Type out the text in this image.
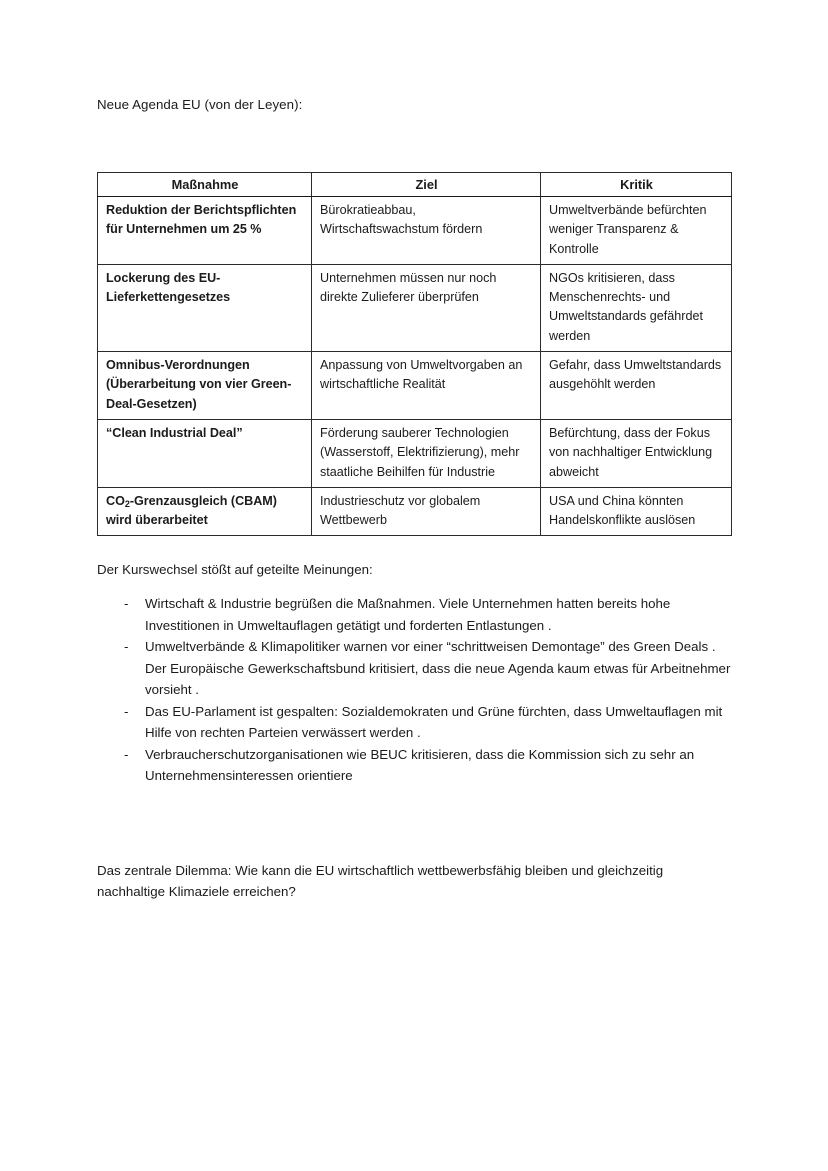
Neue Agenda EU (von der Leyen):

Maßnahme	Ziel	Kritik
Reduktion der Berichtspflichten für Unternehmen um 25 %	Bürokratieabbau, Wirtschaftswachstum fördern	Umweltverbände befürchten weniger Transparenz & Kontrolle
Lockerung des EU-Lieferkettengesetzes	Unternehmen müssen nur noch direkte Zulieferer überprüfen	NGOs kritisieren, dass Menschenrechts- und Umweltstandards gefährdet werden
Omnibus-Verordnungen (Überarbeitung von vier Green-Deal-Gesetzen)	Anpassung von Umweltvorgaben an wirtschaftliche Realität	Gefahr, dass Umweltstandards ausgehöhlt werden
“Clean Industrial Deal”	Förderung sauberer Technologien (Wasserstoff, Elektrifizierung), mehr staatliche Beihilfen für Industrie	Befürchtung, dass der Fokus von nachhaltiger Entwicklung abweicht
$CO_2$-Grenzausgleich (CBAM) wird überarbeitet	Industrieschutz vor globalem Wettbewerb	USA und China könnten Handelskonflikte auslösen

Der Kurswechsel stößt auf geteilte Meinungen:

- Wirtschaft & Industrie begrüßen die Maßnahmen. Viele Unternehmen hatten bereits hohe Investitionen in Umweltauflagen getätigt und forderten Entlastungen .
- Umweltverbände & Klimapolitiker warnen vor einer “schrittweisen Demontage” des Green Deals . Der Europäische Gewerkschaftsbund kritisiert, dass die neue Agenda kaum etwas für Arbeitnehmer vorsieht .
- Das EU-Parlament ist gespalten: Sozialdemokraten und Grüne fürchten, dass Umweltauflagen mit Hilfe von rechten Parteien verwässert werden .
- Verbraucherschutzorganisationen wie BEUC kritisieren, dass die Kommission sich zu sehr an Unternehmensinteressen orientiere

Das zentrale Dilemma: Wie kann die EU wirtschaftlich wettbewerbsfähig bleiben und gleichzeitig nachhaltige Klimaziele erreichen?
